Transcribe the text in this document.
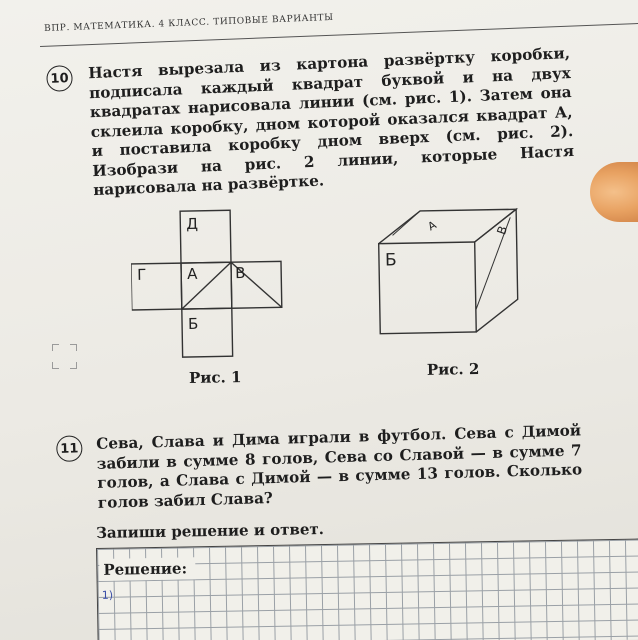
ВПР. МАТЕМАТИКА. 4 КЛАСС. ТИПОВЫЕ ВАРИАНТЫ
10 Настя вырезала из картона развёртку коробки, подписала каждый квадрат буквой и на двух квадратах нарисовала линии (см. рис. 1). Затем она склеила коробку, дном которой оказался квадрат А, и поставила коробку дном вверх (см. рис. 2). Изобрази на рис. 2 линии, которые Настя нарисовала на развёртке.
Д
Г	А В
Б
Б
А	В
Рис. 1	Рис. 2
11 Сева, Слава и Дима играли в футбол. Сева с Димой забили в сумме 8 голов, Сева со Славой — в сумме 7 голов, а Слава с Димой — в сумме 13 голов. Сколько голов забил Слава?
Запиши решение и ответ.
Решение:
1)
